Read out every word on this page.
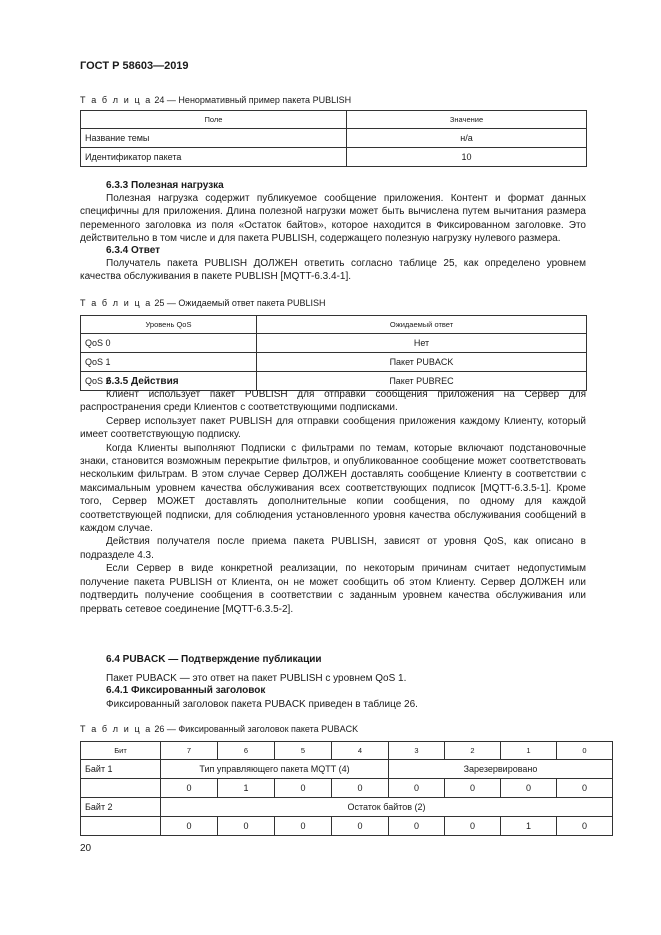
ГОСТ Р 58603—2019
Т а б л и ц а 24 — Ненормативный пример пакета PUBLISH
Поле	Значение
Название темы	н/а
Идентификатор пакета	10
6.3.3 Полезная нагрузка
Полезная нагрузка содержит публикуемое сообщение приложения. Контент и формат данных специфичны для приложения. Длина полезной нагрузки может быть вычислена путем вычитания размера переменного заголовка из поля «Остаток байтов», которое находится в Фиксированном заголовке. Это действительно в том числе и для пакета PUBLISH, содержащего полезную нагрузку нулевого размера.
6.3.4 Ответ
Получатель пакета PUBLISH ДОЛЖЕН ответить согласно таблице 25, как определено уровнем качества обслуживания в пакете PUBLISH [MQTT-6.3.4-1].
Т а б л и ц а 25 — Ожидаемый ответ пакета PUBLISH
Уровень QoS	Ожидаемый ответ
QoS 0	Нет
QoS 1	Пакет PUBACK
QoS 2	Пакет PUBREC
6.3.5 Действия
Клиент использует пакет PUBLISH для отправки сообщения приложения на Сервер для распространения среди Клиентов с соответствующими подписками.
Сервер использует пакет PUBLISH для отправки сообщения приложения каждому Клиенту, который имеет соответствующую подписку.
Когда Клиенты выполняют Подписки с фильтрами по темам, которые включают подстановочные знаки, становится возможным перекрытие фильтров, и опубликованное сообщение может соответствовать нескольким фильтрам. В этом случае Сервер ДОЛЖЕН доставлять сообщение Клиенту в соответствии с максимальным уровнем качества обслуживания всех соответствующих подписок [MQTT-6.3.5-1]. Кроме того, Сервер МОЖЕТ доставлять дополнительные копии сообщения, по одному для каждой соответствующей подписки, для соблюдения установленного уровня качества обслуживания сообщений в каждом случае.
Действия получателя после приема пакета PUBLISH, зависят от уровня QoS, как описано в подразделе 4.3.
Если Сервер в виде конкретной реализации, по некоторым причинам считает недопустимым получение пакета PUBLISH от Клиента, он не может сообщить об этом Клиенту. Сервер ДОЛЖЕН или подтвердить получение сообщения в соответствии с заданным уровнем качества обслуживания или прервать сетевое соединение [MQTT-6.3.5-2].
6.4 PUBACK — Подтверждение публикации
Пакет PUBACK — это ответ на пакет PUBLISH с уровнем QoS 1.
6.4.1 Фиксированный заголовок
Фиксированный заголовок пакета PUBACK приведен в таблице 26.
Т а б л и ц а 26 — Фиксированный заголовок пакета PUBACK
Бит	7	6	5	4	3	2	1	0
Байт 1	Тип управляющего пакета MQTT (4)				Зарезервировано			
	0	1	0	0	0	0	0	0
Байт 2	Остаток байтов (2)							
	0	0	0	0	0	0	1	0
20
